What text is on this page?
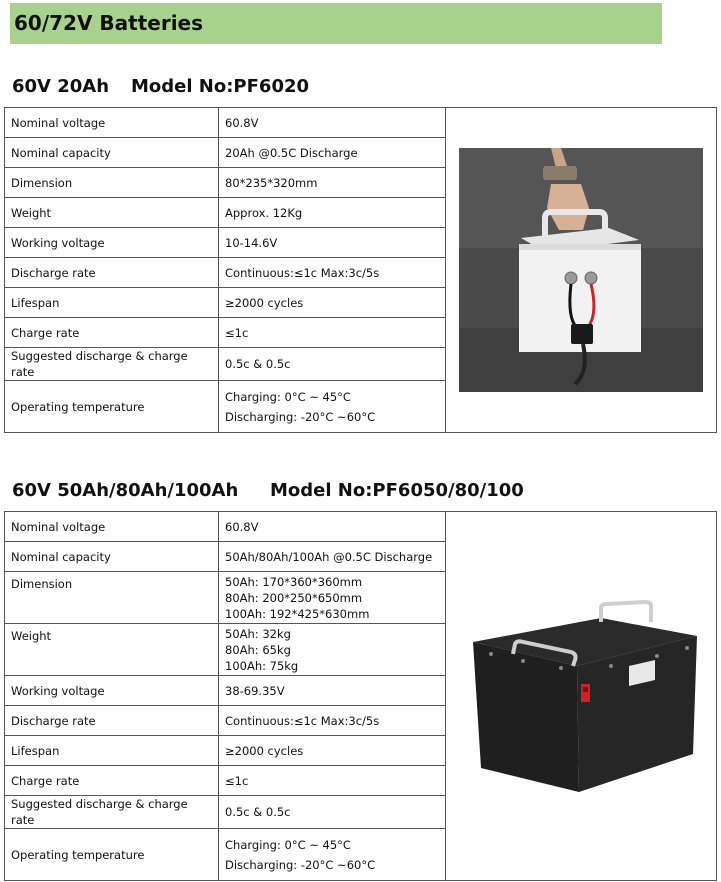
60/72V Batteries
60V 20Ah Model No:PF6020
Nominal voltage	60.8V	
Nominal capacity	20Ah @0.5C Discharge	
Dimension	80*235*320mm	
Weight	Approx. 12Kg	
Working voltage	10-14.6V	
Discharge rate	Continuous:≤1c Max:3c/5s	
Lifespan	≥2000 cycles	
Charge rate	≤1c	
Suggested discharge & charge rate	0.5c & 0.5c	
Operating temperature	Charging: 0°C ~ 45°C
Discharging: -20°C ~60°C	
60V 50Ah/80Ah/100Ah Model No:PF6050/80/100
Nominal voltage	60.8V	
Nominal capacity	50Ah/80Ah/100Ah @0.5C Discharge	
Dimension	50Ah: 170*360*360mm
80Ah: 200*250*650mm
100Ah: 192*425*630mm	

Weight	50Ah: 32kg
80Ah: 65kg
100Ah: 75kg	

Working voltage	38-69.35V	
Discharge rate	Continuous:≤1c Max:3c/5s	
Lifespan	≥2000 cycles	
Charge rate	≤1c	
Suggested discharge & charge rate	0.5c & 0.5c	
Operating temperature	Charging: 0°C ~ 45°C
Discharging: -20°C ~60°C	
